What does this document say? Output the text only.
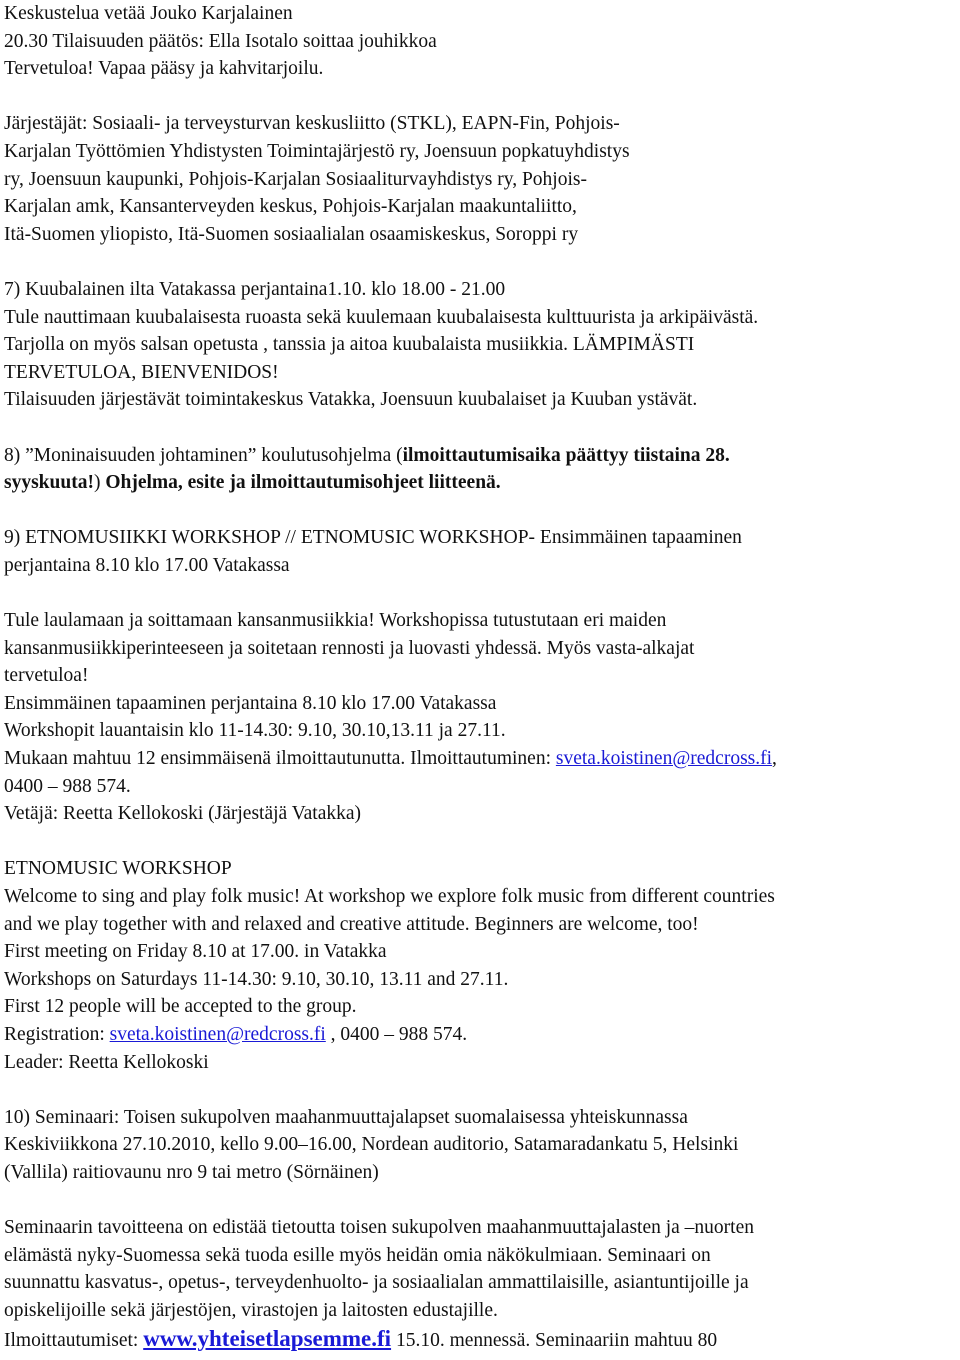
Keskustelua vetää Jouko Karjalainen
20.30 Tilaisuuden päätös: Ella Isotalo soittaa jouhikkoa
Tervetuloa! Vapaa pääsy ja kahvitarjoilu.
Järjestäjät: Sosiaali- ja terveysturvan keskusliitto (STKL), EAPN-Fin, Pohjois-
Karjalan Työttömien Yhdistysten Toimintajärjestö ry, Joensuun popkatuyhdistys
ry, Joensuun kaupunki, Pohjois-Karjalan Sosiaaliturvayhdistys ry, Pohjois-
Karjalan amk, Kansanterveyden keskus, Pohjois-Karjalan maakuntaliitto,
Itä-Suomen yliopisto, Itä-Suomen sosiaalialan osaamiskeskus, Soroppi ry
7) Kuubalainen ilta Vatakassa perjantaina1.10. klo 18.00 - 21.00
Tule nauttimaan kuubalaisesta ruoasta sekä kuulemaan kuubalaisesta kulttuurista ja arkipäivästä.
Tarjolla on myös salsan opetusta , tanssia ja aitoa kuubalaista musiikkia. LÄMPIMÄSTI
TERVETULOA, BIENVENIDOS!
Tilaisuuden järjestävät toimintakeskus Vatakka, Joensuun kuubalaiset ja Kuuban ystävät.
8) ”Moninaisuuden johtaminen” koulutusohjelma (ilmoittautumisaika päättyy tiistaina 28.
syyskuuta!) Ohjelma, esite ja ilmoittautumisohjeet liitteenä.
9) ETNOMUSIIKKI WORKSHOP // ETNOMUSIC WORKSHOP- Ensimmäinen tapaaminen
perjantaina 8.10 klo 17.00 Vatakassa
Tule laulamaan ja soittamaan kansanmusiikkia! Workshopissa tutustutaan eri maiden
kansanmusiikkiperinteeseen ja soitetaan rennosti ja luovasti yhdessä. Myös vasta-alkajat
tervetuloa!
Ensimmäinen tapaaminen perjantaina 8.10 klo 17.00 Vatakassa
Workshopit lauantaisin klo 11-14.30: 9.10, 30.10,13.11 ja 27.11.
Mukaan mahtuu 12 ensimmäisenä ilmoittautunutta. Ilmoittautuminen: sveta.koistinen@redcross.fi,
0400 – 988 574.
Vetäjä: Reetta Kellokoski (Järjestäjä Vatakka)
ETNOMUSIC WORKSHOP
Welcome to sing and play folk music! At workshop we explore folk music from different countries
and we play together with and relaxed and creative attitude. Beginners are welcome, too!
First meeting on Friday 8.10 at 17.00. in Vatakka
Workshops on Saturdays 11-14.30: 9.10, 30.10, 13.11 and 27.11.
First 12 people will be accepted to the group.
Registration: sveta.koistinen@redcross.fi , 0400 – 988 574.
Leader: Reetta Kellokoski
10) Seminaari: Toisen sukupolven maahanmuuttajalapset suomalaisessa yhteiskunnassa
Keskiviikkona 27.10.2010, kello 9.00–16.00, Nordean auditorio, Satamaradankatu 5, Helsinki
(Vallila) raitiovaunu nro 9 tai metro (Sörnäinen)
Seminaarin tavoitteena on edistää tietoutta toisen sukupolven maahanmuuttajalasten ja –nuorten
elämästä nyky-Suomessa sekä tuoda esille myös heidän omia näkökulmiaan. Seminaari on
suunnattu kasvatus-, opetus-, terveydenhuolto- ja sosiaalialan ammattilaisille, asiantuntijoille ja
opiskelijoille sekä järjestöjen, virastojen ja laitosten edustajille.
Ilmoittautumiset: www.yhteisetlapsemme.fi 15.10. mennessä. Seminaariin mahtuu 80
